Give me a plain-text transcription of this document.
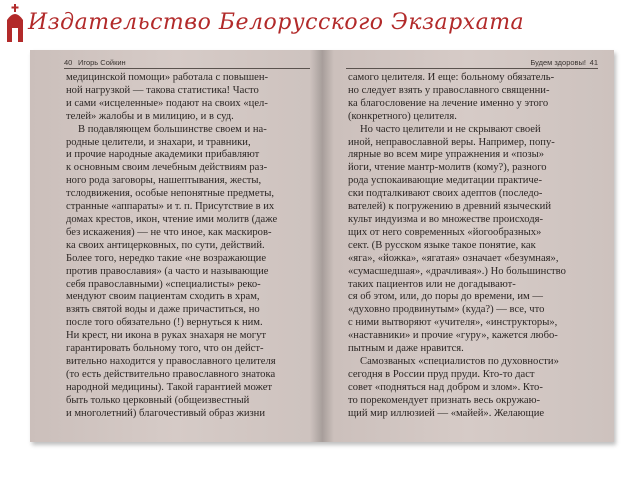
Издательство Белорусского Экзархата
40 Игорь Сойкин
медицинской помощи» работала с повышен-
ной нагрузкой — такова статистика! Часто
и сами «исцеленные» подают на своих «цел-
телей» жалобы и в милицию, и в суд.
В подавляющем большинстве своем и на-
родные целители, и знахари, и травники,
и прочие народные академики прибавляют
к основным своим лечебным действиям раз-
ного рода заговоры, нашептывания, жесты,
тслодвижения, особые непонятные предметы,
странные «аппараты» и т. п. Присутствие в их
домах крестов, икон, чтение ими молитв (даже
без искажения) — не что иное, как маскиров-
ка своих антицерковных, по сути, действий.
Более того, нередко такие «не возражающие
против православия» (а часто и называющие
себя православными) «специалисты» реко-
мендуют своим пациентам сходить в храм,
взять святой воды и даже причаститься, но
после того обязательно (!) вернуться к ним.
Ни крест, ни икона в руках знахаря не могут
гарантировать больному того, что он дейст-
вительно находится у православного целителя
(то есть действительно православного знатока
народной медицины). Такой гарантией может
быть только церковный (общеизвестный
и многолетний) благочестивый образ жизни
Будем здоровы! 41
самого целителя. И еще: больному обязатель-
но следует взять у православного священни-
ка благословение на лечение именно у этого
(конкретного) целителя.
Но часто целители и не скрывают своей
иной, неправославной веры. Например, попу-
лярные во всем мире упражнения и «позы»
йоги, чтение мантр-молитв (кому?), разного
рода успокаивающие медитации практиче-
ски подталкивают своих адептов (последо-
вателей) к погружению в древний языческий
культ индуизма и во множестве происходя-
щих от него современных «йогообразных»
сект. (В русском языке такое понятие, как
«яга», «йожка», «ягатая» означает «безумная»,
«сумасшедшая», «драчливая».) Но большинство
таких пациентов или не догадывают-
ся об этом, или, до поры до времени, им —
«духовно продвинутым» (куда?) — все, что
с ними вытворяют «учителя», «инструкторы»,
«наставники» и прочие «гуру», кажется любо-
пытным и даже нравится.
Самозваных «специалистов по духовности»
сегодня в России пруд пруди. Кто-то даст
совет «подняться над добром и злом». Кто-
то порекомендует признать весь окружаю-
щий мир иллюзией — «майей». Желающие
